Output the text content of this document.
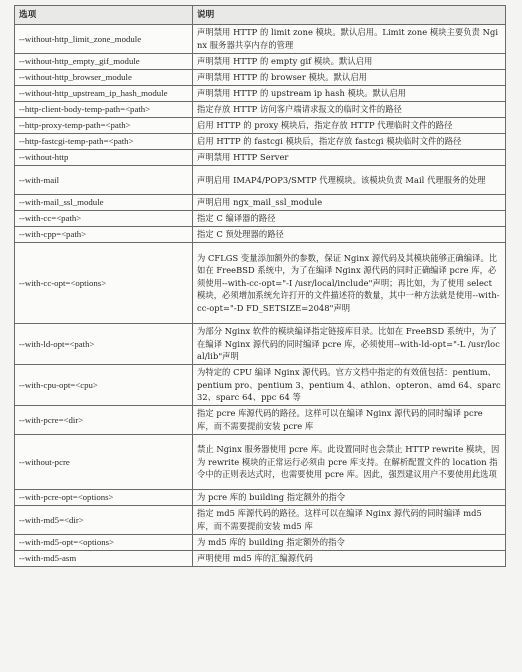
选项	说明
--without-http_limit_zone_module	声明禁用 HTTP 的 limit zone 模块。默认启用。Limit zone 模块主要负责 Nginx 服务器共享内存的管理
--without-http_empty_gif_module	声明禁用 HTTP 的 empty gif 模块。默认启用
--without-http_browser_module	声明禁用 HTTP 的 browser 模块。默认启用
--without-http_upstream_ip_hash_module	声明禁用 HTTP 的 upstream ip hash 模块。默认启用
--http-client-body-temp-path=<path>	指定存放 HTTP 访问客户端请求报文的临时文件的路径
--http-proxy-temp-path=<path>	启用 HTTP 的 proxy 模块后，指定存放 HTTP 代理临时文件的路径
--http-fastcgi-temp-path=<path>	启用 HTTP 的 fastcgi 模块后，指定存放 fastcgi 模块临时文件的路径
--without-http	声明禁用 HTTP Server
--with-mail	声明启用 IMAP4/POP3/SMTP 代理模块。该模块负责 Mail 代理服务的处理
--with-mail_ssl_module	声明启用 ngx_mail_ssl_module
--with-cc=<path>	指定 C 编译器的路径
--with-cpp=<path>	指定 C 预处理器的路径
--with-cc-opt=<options>	为 CFLGS 变量添加额外的参数，保证 Nginx 源代码及其模块能够正确编译。比如在 FreeBSD 系统中，为了在编译 Nginx 源代码的同时正确编译 pcre 库，必须使用--with-cc-opt="-I /usr/local/include"声明；再比如，为了使用 select 模块，必须增加系统允许打开的文件描述符的数量，其中一种方法就是使用--with-cc-opt="-D FD_SETSIZE=2048"声明
--with-ld-opt=<path>	为部分 Nginx 软件的模块编译指定链接库目录。比如在 FreeBSD 系统中，为了在编译 Nginx 源代码的同时编译 pcre 库，必须使用--with-ld-opt="-L /usr/local/lib"声明
--with-cpu-opt=<cpu>	为特定的 CPU 编译 Nginx 源代码。官方文档中指定的有效值包括：pentium、pentium pro、pentium 3、pentium 4、athlon、opteron、amd 64、sparc 32、sparc 64、ppc 64 等
--with-pcre=<dir>	指定 pcre 库源代码的路径。这样可以在编译 Nginx 源代码的同时编译 pcre 库，而不需要提前安装 pcre 库
--without-pcre	禁止 Nginx 服务器使用 pcre 库。此设置同时也会禁止 HTTP rewrite 模块，因为 rewrite 模块的正常运行必须由 pcre 库支持。在解析配置文件的 location 指令中的正则表达式时，也需要使用 pcre 库。因此，强烈建议用户不要使用此选项
--with-pcre-opt=<options>	为 pcre 库的 building 指定额外的指令
--with-md5=<dir>	指定 md5 库源代码的路径。这样可以在编译 Nginx 源代码的同时编译 md5 库，而不需要提前安装 md5 库
--with-md5-opt=<options>	为 md5 库的 building 指定额外的指令
--with-md5-asm	声明使用 md5 库的汇编源代码
